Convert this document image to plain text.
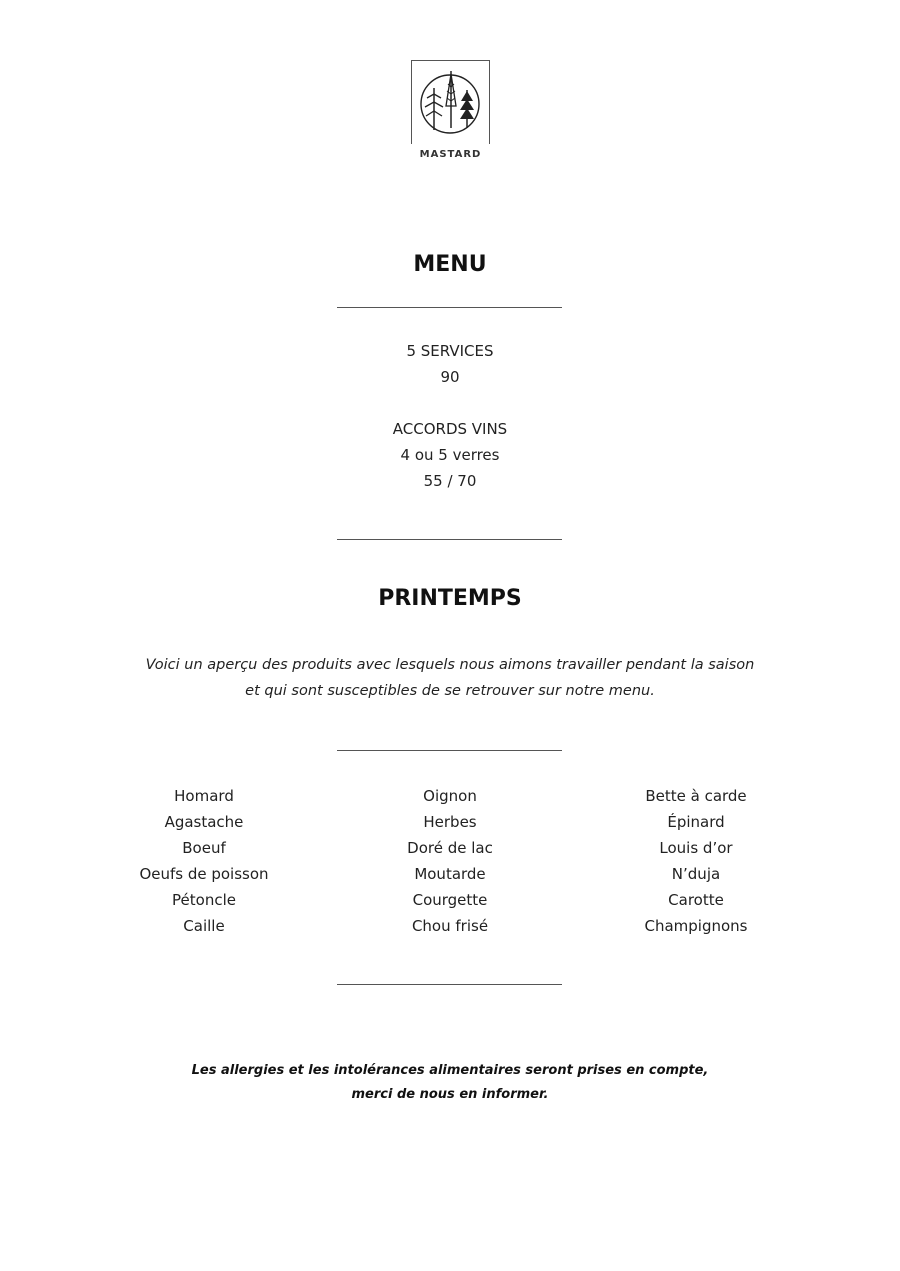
MASTARD
MENU
5 SERVICES
90
ACCORDS VINS
4 ou 5 verres
55 / 70
PRINTEMPS
Voici un aperçu des produits avec lesquels nous aimons travailler pendant la saison
et qui sont susceptibles de se retrouver sur notre menu.
Homard
Agastache
Boeuf
Oeufs de poisson
Pétoncle
Caille
Oignon
Herbes
Doré de lac
Moutarde
Courgette
Chou frisé
Bette à carde
Épinard
Louis d’or
N’duja
Carotte
Champignons
Les allergies et les intolérances alimentaires seront prises en compte,
merci de nous en informer.
